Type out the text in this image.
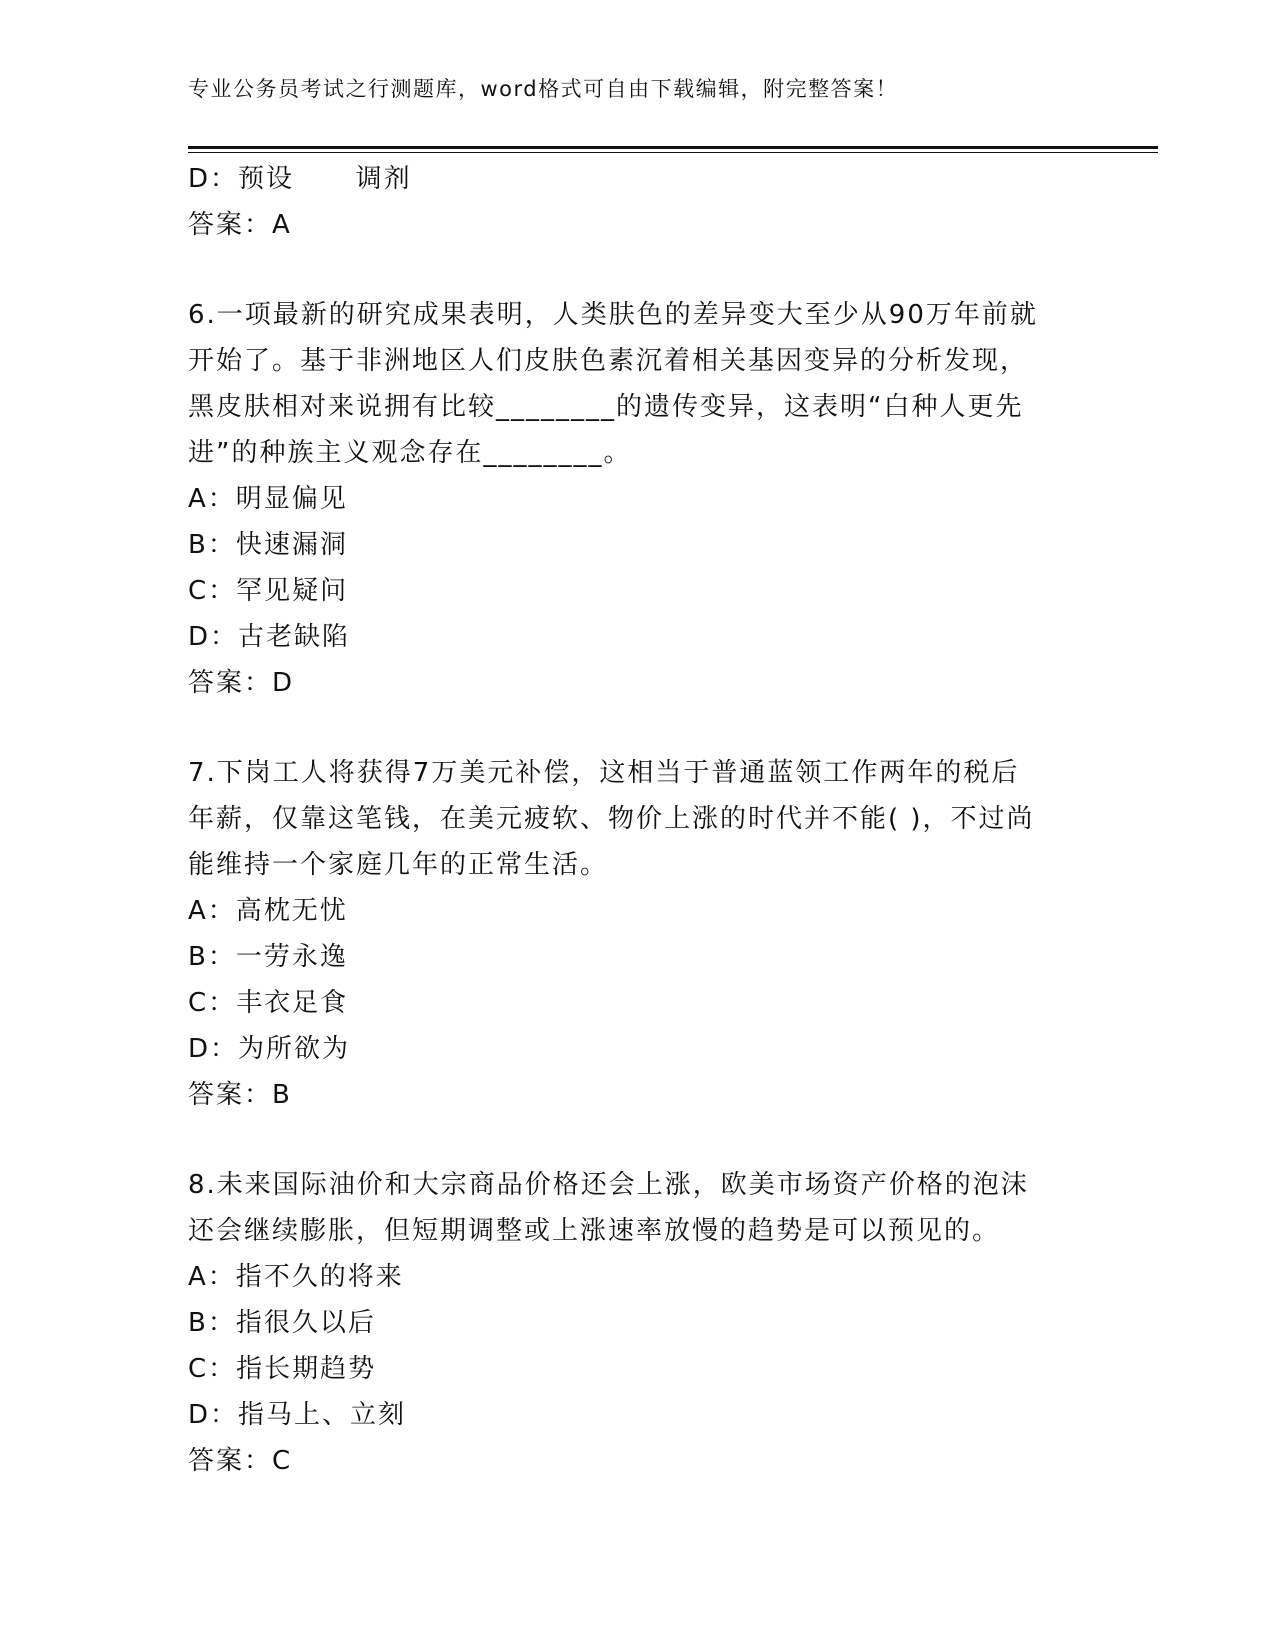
专业公务员考试之行测题库，word格式可自由下载编辑，附完整答案！
D：预设      调剂
答案：A
6.一项最新的研究成果表明，人类肤色的差异变大至少从90万年前就
开始了。基于非洲地区人们皮肤色素沉着相关基因变异的分析发现，
黑皮肤相对来说拥有比较________的遗传变异，这表明“白种人更先
进”的种族主义观念存在________。
A：明显偏见
B：快速漏洞
C：罕见疑问
D：古老缺陷
答案：D
7.下岗工人将获得7万美元补偿，这相当于普通蓝领工作两年的税后
年薪，仅靠这笔钱，在美元疲软、物价上涨的时代并不能( )，不过尚
能维持一个家庭几年的正常生活。
A：高枕无忧
B：一劳永逸
C：丰衣足食
D：为所欲为
答案：B
8.未来国际油价和大宗商品价格还会上涨，欧美市场资产价格的泡沫
还会继续膨胀，但短期调整或上涨速率放慢的趋势是可以预见的。
A：指不久的将来
B：指很久以后
C：指长期趋势
D：指马上、立刻
答案：C
